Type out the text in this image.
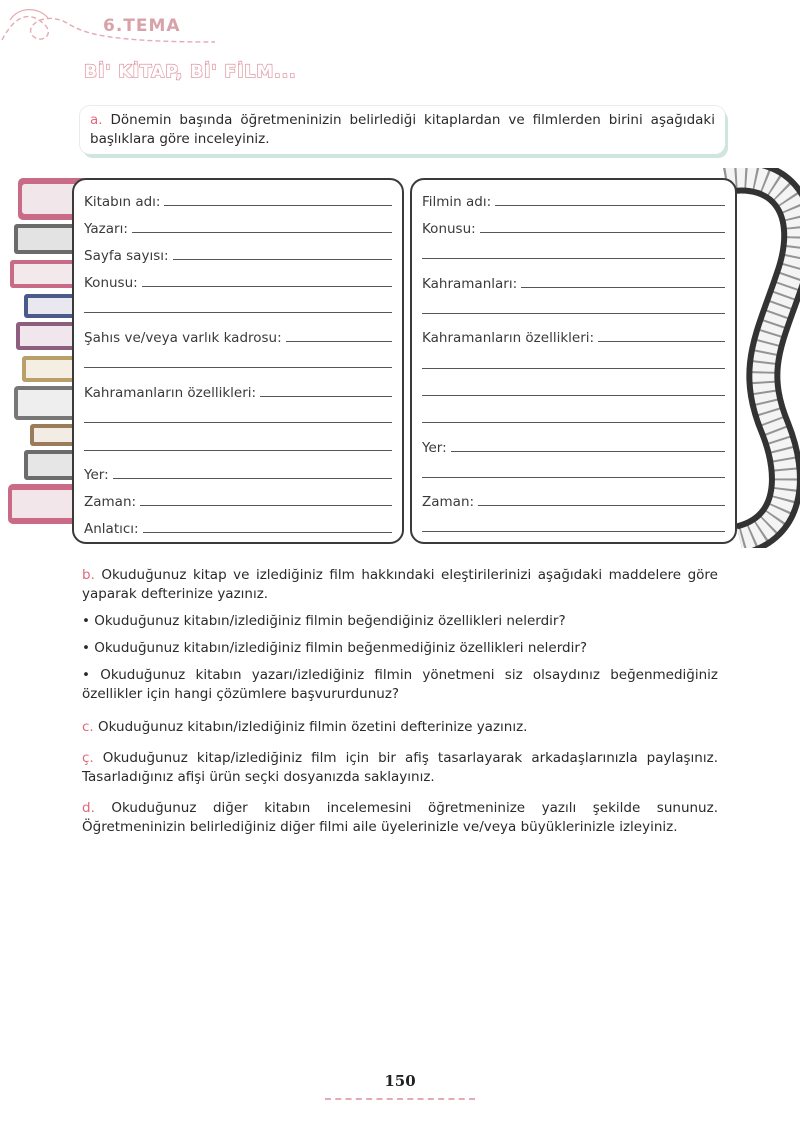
6.TEMA
Bİ' KİTAP, Bİ' FİLM...
a. Dönemin başında öğretmeninizin belirlediği kitaplardan ve filmlerden birini aşağıdaki başlıklara göre inceleyiniz.
Kitabın adı:
Yazarı:
Sayfa sayısı:
Konusu:
Şahıs ve/veya varlık kadrosu:
Kahramanların özellikleri:
Yer:
Zaman:
Anlatıcı:
Filmin adı:
Konusu:
Kahramanları:
Kahramanların özellikleri:
Yer:
Zaman:
b. Okuduğunuz kitap ve izlediğiniz film hakkındaki eleştirilerinizi aşağıdaki maddelere göre yaparak defterinize yazınız.
• Okuduğunuz kitabın/izlediğiniz filmin beğendiğiniz özellikleri nelerdir?
• Okuduğunuz kitabın/izlediğiniz filmin beğenmediğiniz özellikleri nelerdir?
• Okuduğunuz kitabın yazarı/izlediğiniz filmin yönetmeni siz olsaydınız beğenmediğiniz özellikler için hangi çözümlere başvururdunuz?
c. Okuduğunuz kitabın/izlediğiniz filmin özetini defterinize yazınız.
ç. Okuduğunuz kitap/izlediğiniz film için bir afiş tasarlayarak arkadaşlarınızla paylaşınız. Tasarladığınız afişi ürün seçki dosyanızda saklayınız.
d. Okuduğunuz diğer kitabın incelemesini öğretmeninize yazılı şekilde sununuz. Öğretmeninizin belirlediğiniz diğer filmi aile üyelerinizle ve/veya büyüklerinizle izleyiniz.
150
